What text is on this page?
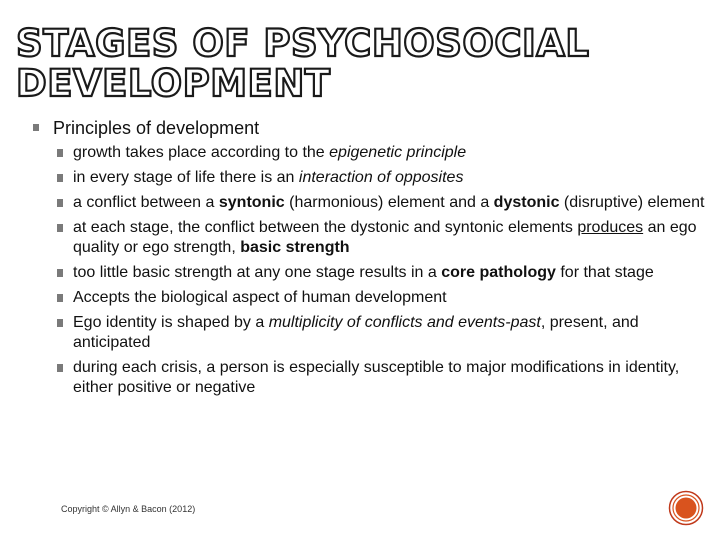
STAGES OF PSYCHOSOCIAL
DEVELOPMENT
Principles of development
growth takes place according to the epigenetic principle
in every stage of life there is an interaction of opposites
a conflict between a syntonic (harmonious) element and a dystonic (disruptive) element
at each stage, the conflict between the dystonic and syntonic elements produces an ego quality or ego strength, basic strength
too little basic strength at any one stage results in a core pathology for that stage
Accepts the biological aspect of human development
Ego identity is shaped by a multiplicity of conflicts and events-past, present, and anticipated
during each crisis, a person is especially susceptible to major modifications in identity, either positive or negative
Copyright © Allyn & Bacon (2012)
